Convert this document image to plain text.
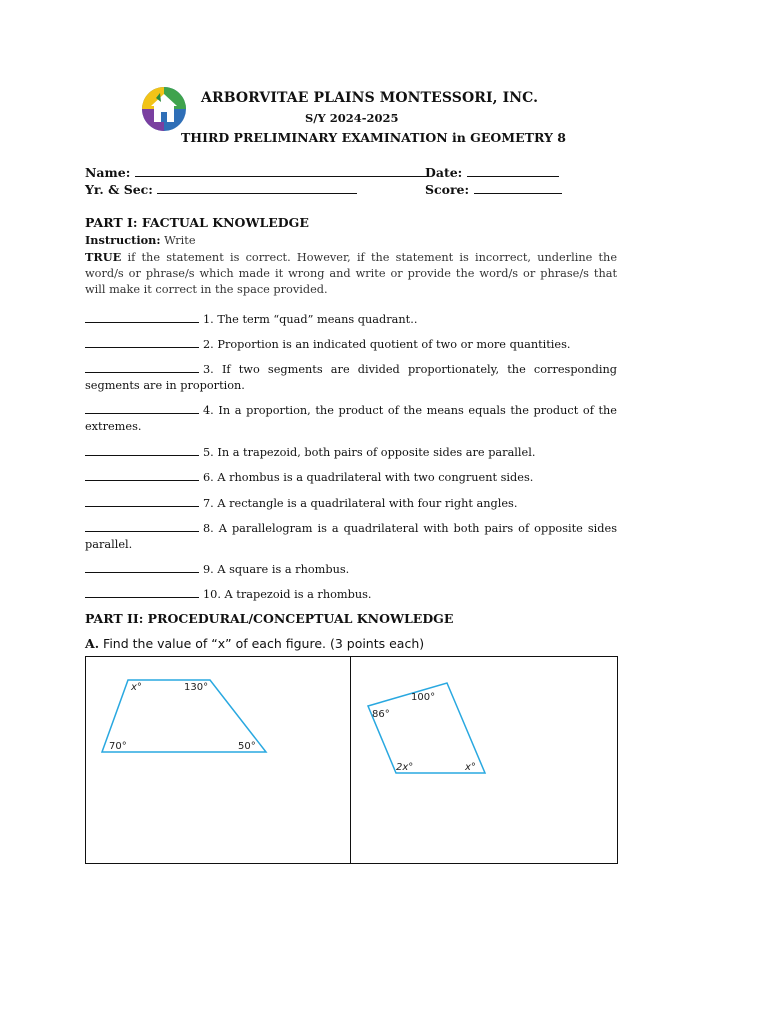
ARBORVITAE PLAINS MONTESSORI, INC.
S/Y 2024-2025
THIRD PRELIMINARY EXAMINATION in GEOMETRY 8
Name:	Date:
Yr. & Sec:	Score:
PART I: FACTUAL KNOWLEDGE
Instruction: Write
TRUE if the statement is correct. However, if the statement is incorrect, underline the word/s or phrase/s which made it wrong and write or provide the word/s or phrase/s that will make it correct in the space provided.
1. The term “quad” means quadrant..
2. Proportion is an indicated quotient of two or more quantities.
3. If two segments are divided proportionately, the corresponding segments are in proportion.
4. In a proportion, the product of the means equals the product of the extremes.
5. In a trapezoid, both pairs of opposite sides are parallel.
6. A rhombus is a quadrilateral with two congruent sides.
7. A rectangle is a quadrilateral with four right angles.
8. A parallelogram is a quadrilateral with both pairs of opposite sides parallel.
9. A square is a rhombus.
10. A trapezoid is a rhombus.
PART II: PROCEDURAL/CONCEPTUAL KNOWLEDGE
A. Find the value of “x” of each figure. (3 points each)
x°	130°
70°	50°
86°
100°
2x°	x°
